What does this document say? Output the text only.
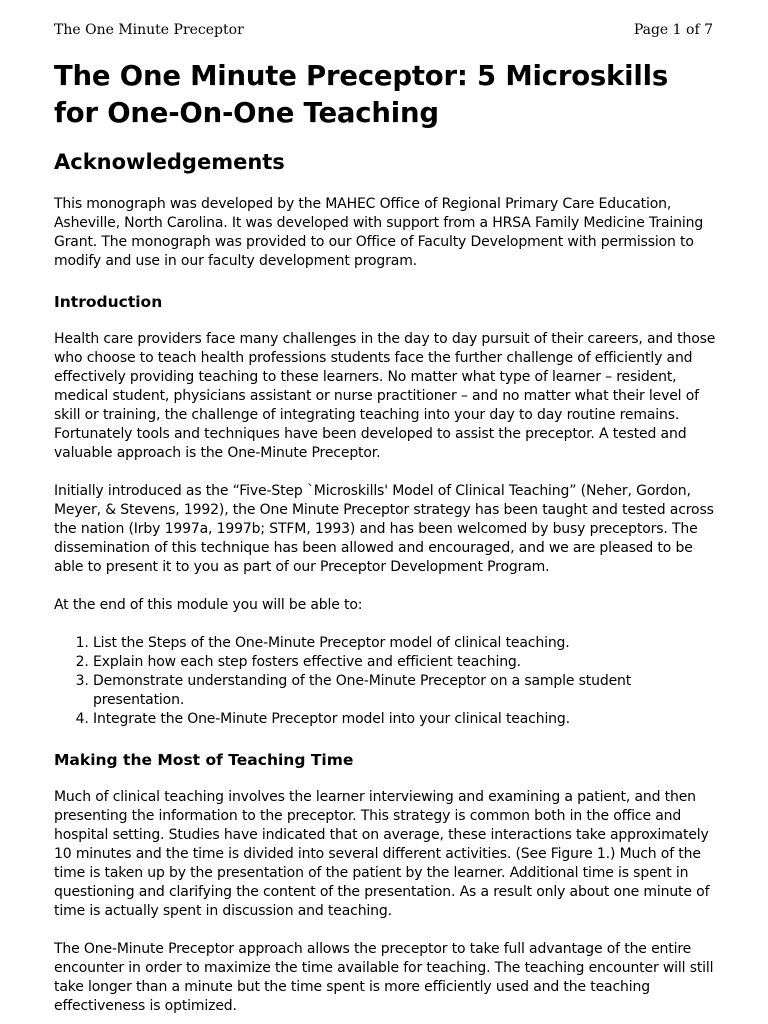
The One Minute Preceptor	Page 1 of 7
The One Minute Preceptor: 5 Microskills for One-On-One Teaching
Acknowledgements

This monograph was developed by the MAHEC Office of Regional Primary Care Education, Asheville, North Carolina. It was developed with support from a HRSA Family Medicine Training Grant. The monograph was provided to our Office of Faculty Development with permission to modify and use in our faculty development program.

Introduction

Health care providers face many challenges in the day to day pursuit of their careers, and those who choose to teach health professions students face the further challenge of efficiently and effectively providing teaching to these learners. No matter what type of learner – resident, medical student, physicians assistant or nurse practitioner – and no matter what their level of skill or training, the challenge of integrating teaching into your day to day routine remains. Fortunately tools and techniques have been developed to assist the preceptor. A tested and valuable approach is the One-Minute Preceptor.

Initially introduced as the “Five-Step `Microskills' Model of Clinical Teaching” (Neher, Gordon, Meyer, & Stevens, 1992), the One Minute Preceptor strategy has been taught and tested across the nation (Irby 1997a, 1997b; STFM, 1993) and has been welcomed by busy preceptors. The dissemination of this technique has been allowed and encouraged, and we are pleased to be able to present it to you as part of our Preceptor Development Program.

At the end of this module you will be able to:

1. List the Steps of the One-Minute Preceptor model of clinical teaching.
2. Explain how each step fosters effective and efficient teaching.
3. Demonstrate understanding of the One-Minute Preceptor on a sample student presentation.
4. Integrate the One-Minute Preceptor model into your clinical teaching.
Making the Most of Teaching Time

Much of clinical teaching involves the learner interviewing and examining a patient, and then presenting the information to the preceptor. This strategy is common both in the office and hospital setting. Studies have indicated that on average, these interactions take approximately 10 minutes and the time is divided into several different activities. (See Figure 1.) Much of the time is taken up by the presentation of the patient by the learner. Additional time is spent in questioning and clarifying the content of the presentation. As a result only about one minute of time is actually spent in discussion and teaching.

The One-Minute Preceptor approach allows the preceptor to take full advantage of the entire encounter in order to maximize the time available for teaching. The teaching encounter will still take longer than a minute but the time spent is more efficiently used and the teaching effectiveness is optimized.
